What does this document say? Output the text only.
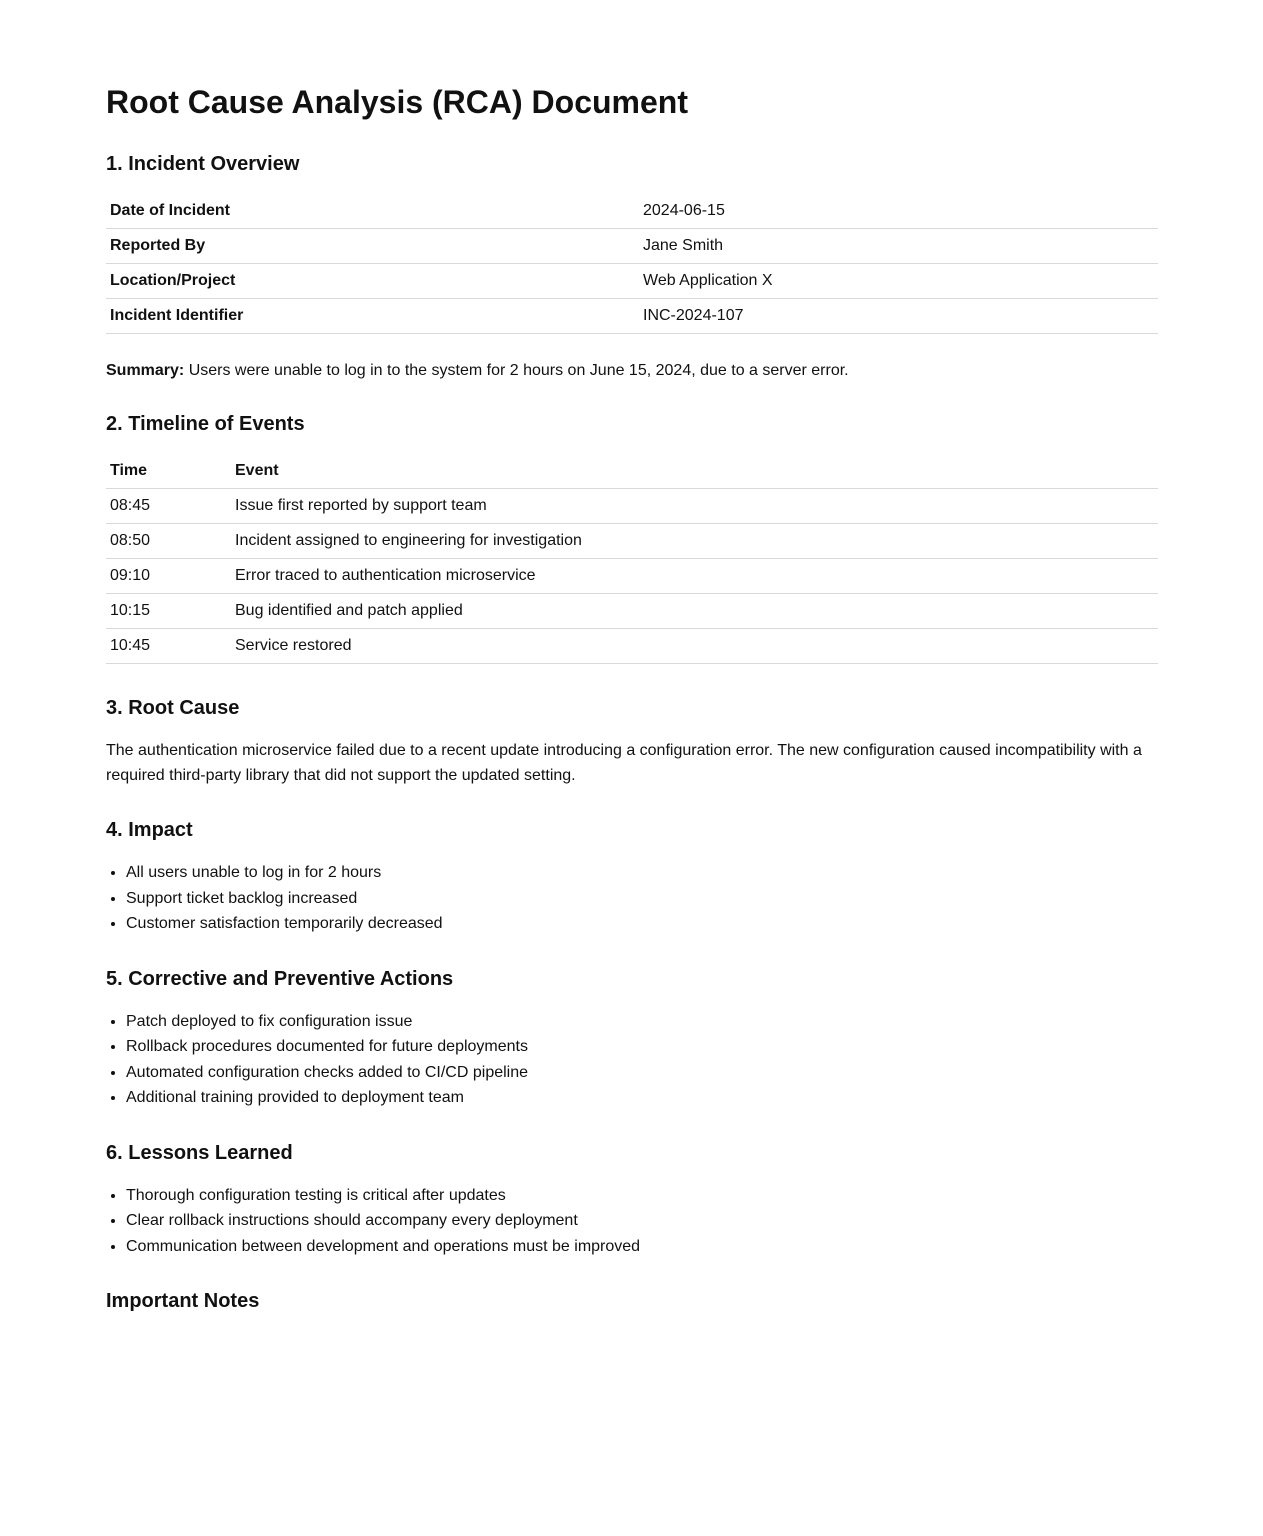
Root Cause Analysis (RCA) Document
1. Incident Overview
Date of Incident	2024-06-15
Reported By	Jane Smith
Location/Project	Web Application X
Incident Identifier	INC-2024-107

Summary: Users were unable to log in to the system for 2 hours on June 15, 2024, due to a server error.

2. Timeline of Events
Time	Event
08:45	Issue first reported by support team
08:50	Incident assigned to engineering for investigation
09:10	Error traced to authentication microservice
10:15	Bug identified and patch applied
10:45	Service restored
3. Root Cause

The authentication microservice failed due to a recent update introducing a configuration error. The new configuration caused incompatibility with a required third-party library that did not support the updated setting.

4. Impact
• All users unable to log in for 2 hours
• Support ticket backlog increased
• Customer satisfaction temporarily decreased
5. Corrective and Preventive Actions
• Patch deployed to fix configuration issue
• Rollback procedures documented for future deployments
• Automated configuration checks added to CI/CD pipeline
• Additional training provided to deployment team
6. Lessons Learned
• Thorough configuration testing is critical after updates
• Clear rollback instructions should accompany every deployment
• Communication between development and operations must be improved
Important Notes
